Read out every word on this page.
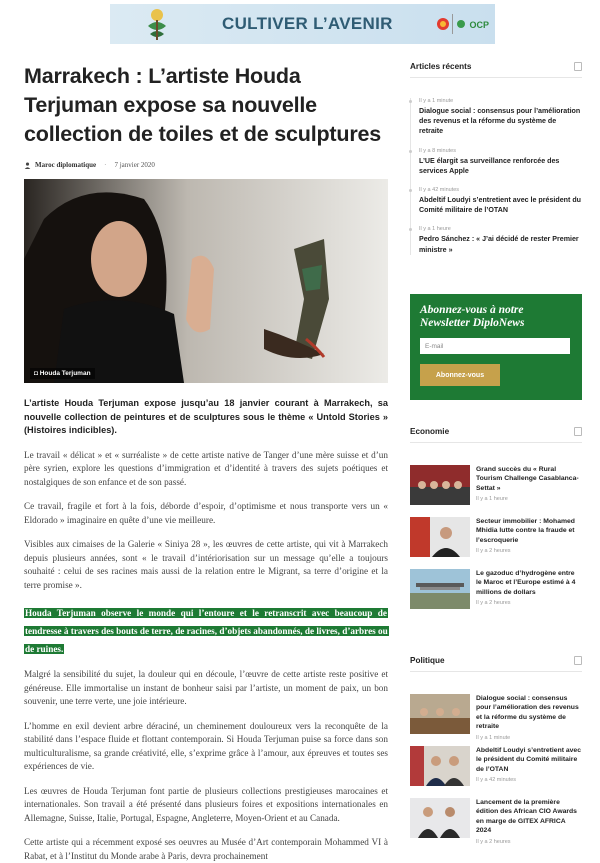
CULTIVER L’AVENIR	OCP
Marrakech : L’artiste Houda Terjuman expose sa nouvelle collection de toiles et de sculptures
Maroc diplomatique · 7 janvier 2020
◘ Houda Terjuman

L’artiste Houda Terjuman expose jusqu’au 18 janvier courant à Marrakech, sa nouvelle collection de peintures et de sculptures sous le thème « Untold Stories » (Histoires indicibles).

Le travail « délicat » et « surréaliste » de cette artiste native de Tanger d’une mère suisse et d’un père syrien, explore les questions d’immigration et d’identité à travers des sujets poétiques et nostalgiques de son enfance et de son passé.

Ce travail, fragile et fort à la fois, déborde d’espoir, d’optimisme et nous transporte vers un « Eldorado » imaginaire en quête d’une vie meilleure.

Visibles aux cimaises de la Galerie « Siniya 28 », les œuvres de cette artiste, qui vit à Marrakech depuis plusieurs années, sont « le travail d’intériorisation sur un message qu’elle a toujours souhaité : celui de ses racines mais aussi de la relation entre le Migrant, sa terre d’origine et la terre promise ».

Houda Terjuman observe le monde qui l’entoure et le retranscrit avec beaucoup de tendresse à travers des bouts de terre, de racines, d’objets abandonnés, de livres, d’arbres ou de ruines.

Malgré la sensibilité du sujet, la douleur qui en découle, l’œuvre de cette artiste reste positive et généreuse. Elle immortalise un instant de bonheur saisi par l’artiste, un moment de paix, un bon souvenir, une terre verte, une joie intérieure.

L’homme en exil devient arbre déraciné, un cheminement douloureux vers la reconquête de la stabilité dans l’espace fluide et flottant contemporain. Si Houda Terjuman puise sa force dans son multiculturalisme, sa grande créativité, elle, s’exprime grâce à l’amour, aux épreuves et toutes ses expériences de vie.

Les œuvres de Houda Terjuman font partie de plusieurs collections prestigieuses marocaines et internationales. Son travail a été présenté dans plusieurs foires et expositions internationales en Allemagne, Suisse, Italie, Portugal, Espagne, Angleterre, Moyen-Orient et au Canada.

Cette artiste qui a récemment exposé ses oeuvres au Musée d’Art contemporain Mohammed VI à Rabat, et à l’Institut du Monde arabe à Paris, devra prochainement

Articles récents
Il y a 1 minute
Dialogue social : consensus pour l’amélioration des revenus et la réforme du système de retraite
Il y a 8 minutes
L’UE élargit sa surveillance renforcée des services Apple
Il y a 42 minutes
Abdeltif Loudyi s’entretient avec le président du Comité militaire de l’OTAN
Il y a 1 heure
Pedro Sánchez : « J’ai décidé de rester Premier ministre »
Abonnez-vous à notre Newsletter DiploNews
E-mail
Abonnez-vous
Economie
Grand succès du « Rural Tourism Challenge Casablanca-Settat »
Il y a 1 heure
Secteur immobilier : Mohamed Mhidia lutte contre la fraude et l’escroquerie
Il y a 2 heures
Le gazoduc d’hydrogène entre le Maroc et l’Europe estimé à 4 millions de dollars
Il y a 2 heures
Politique
Dialogue social : consensus pour l’amélioration des revenus et la réforme du système de retraite
Il y a 1 minute
Abdeltif Loudyi s’entretient avec le président du Comité militaire de l’OTAN
Il y a 42 minutes
Lancement de la première édition des African CIO Awards en marge de GITEX AFRICA 2024
Il y a 2 heures
